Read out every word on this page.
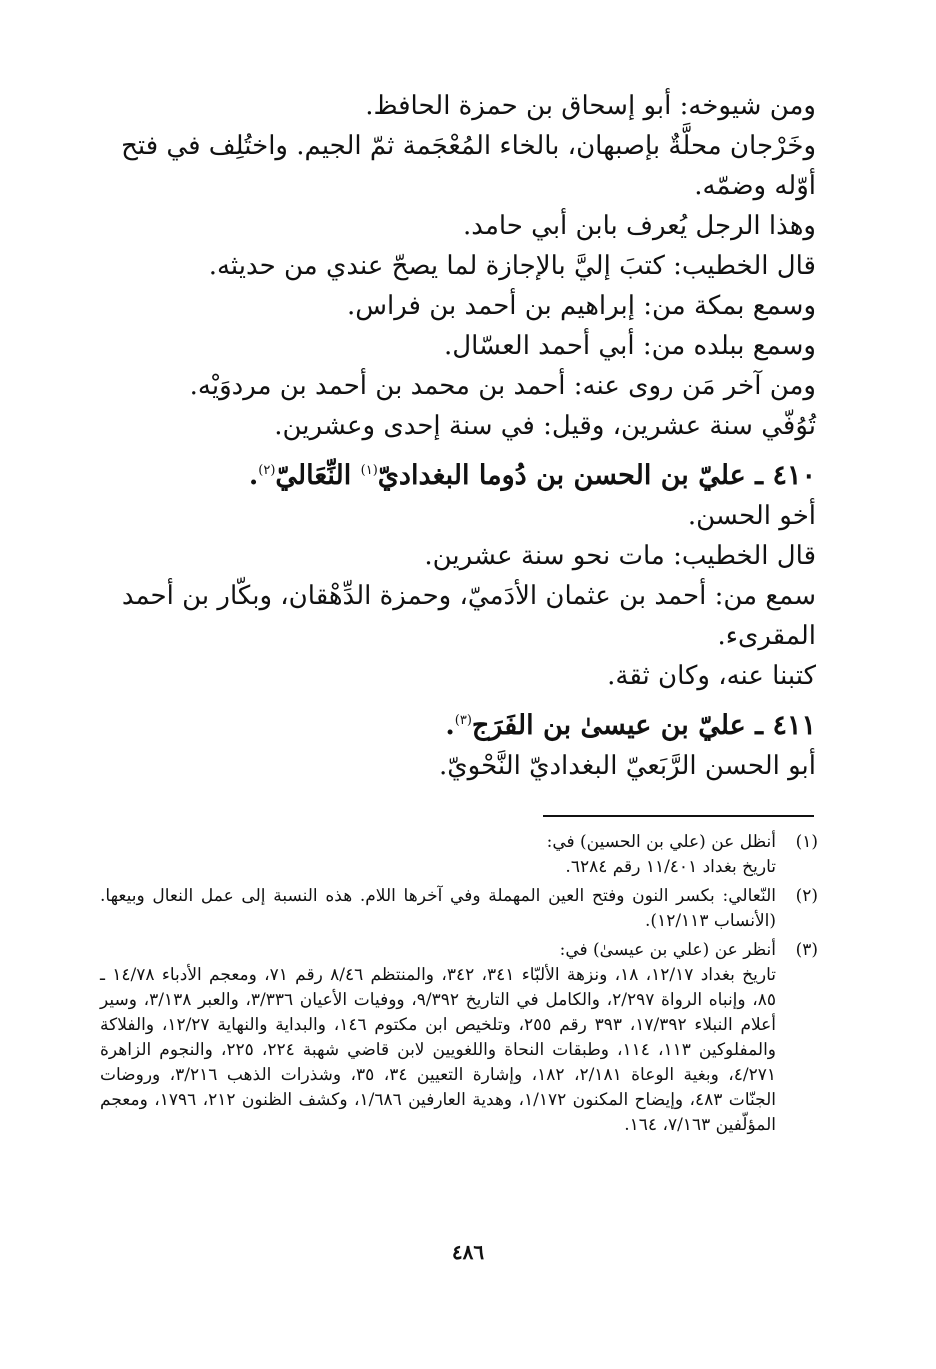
ومن شيوخه: أبو إسحاق بن حمزة الحافظ.

وخَرْجان محلَّةٌ بإصبهان، بالخاء المُعْجَمة ثمّ الجيم. واختُلِف في فتح

أوّله وضمّه.

وهذا الرجل يُعرف بابن أبي حامد.

قال الخطيب: كتبَ إليَّ بالإجازة لما يصحّ عندي من حديثه.

وسمع بمكة من: إبراهيم بن أحمد بن فراس.

وسمع ببلده من: أبي أحمد العسّال.

ومن آخر مَن روى عنه: أحمد بن محمد بن أحمد بن مردوَيْه.

تُوُفّي سنة عشرين، وقيل: في سنة إحدى وعشرين.

٤١٠ ـ عليّ بن الحسن بن دُوما البغداديّ$^{(١)}$ النِّعَاليّ$^{(٢)}$.

أخو الحسن.

قال الخطيب: مات نحو سنة عشرين.

سمع من: أحمد بن عثمان الأدَميّ، وحمزة الدِّهْقان، وبكّار بن أحمد

المقرىء.

كتبنا عنه، وكان ثقة.

٤١١ ـ عليّ بن عيسىٰ بن الفَرَج$^{(٣)}$.

أبو الحسن الرَّبَعيّ البغداديّ النَّحْويّ.

(١)
أنظل عن (علي بن الحسين) في:
تاريخ بغداد ١١/٤٠١ رقم ٦٢٨٤.
(٢)
النّعالي: بكسر النون وفتح العين المهملة وفي آخرها اللام. هذه النسبة إلى عمل النعال وبيعها. (الأنساب ١٢/١١٣).
(٣)
أنظر عن (علي بن عيسىٰ) في:
تاريخ بغداد ١٢/١٧، ١٨، ونزهة الألبّاء ٣٤١، ٣٤٢، والمنتظم ٨/٤٦ رقم ٧١، ومعجم الأدباء ١٤/٧٨ ـ ٨٥، وإنباه الرواة ٢/٢٩٧، والكامل في التاريخ ٩/٣٩٢، ووفيات الأعيان ٣/٣٣٦، والعبر ٣/١٣٨، وسير أعلام النبلاء ١٧/٣٩٢، ٣٩٣ رقم ٢٥٥، وتلخيص ابن مكتوم ١٤٦، والبداية والنهاية ١٢/٢٧، والفلاكة والمفلوكين ١١٣، ١١٤، وطبقات النحاة واللغويين لابن قاضي شهبة ٢٢٤، ٢٢٥، والنجوم الزاهرة ٤/٢٧١، وبغية الوعاة ٢/١٨١، ١٨٢، وإشارة التعيين ٣٤، ٣٥، وشذرات الذهب ٣/٢١٦، وروضات الجنّات ٤٨٣، وإيضاح المكنون ١/١٧٢، وهدية العارفين ١/٦٨٦، وكشف الظنون ٢١٢، ١٧٩٦، ومعجم المؤلّفين ٧/١٦٣، ١٦٤.
٤٨٦
